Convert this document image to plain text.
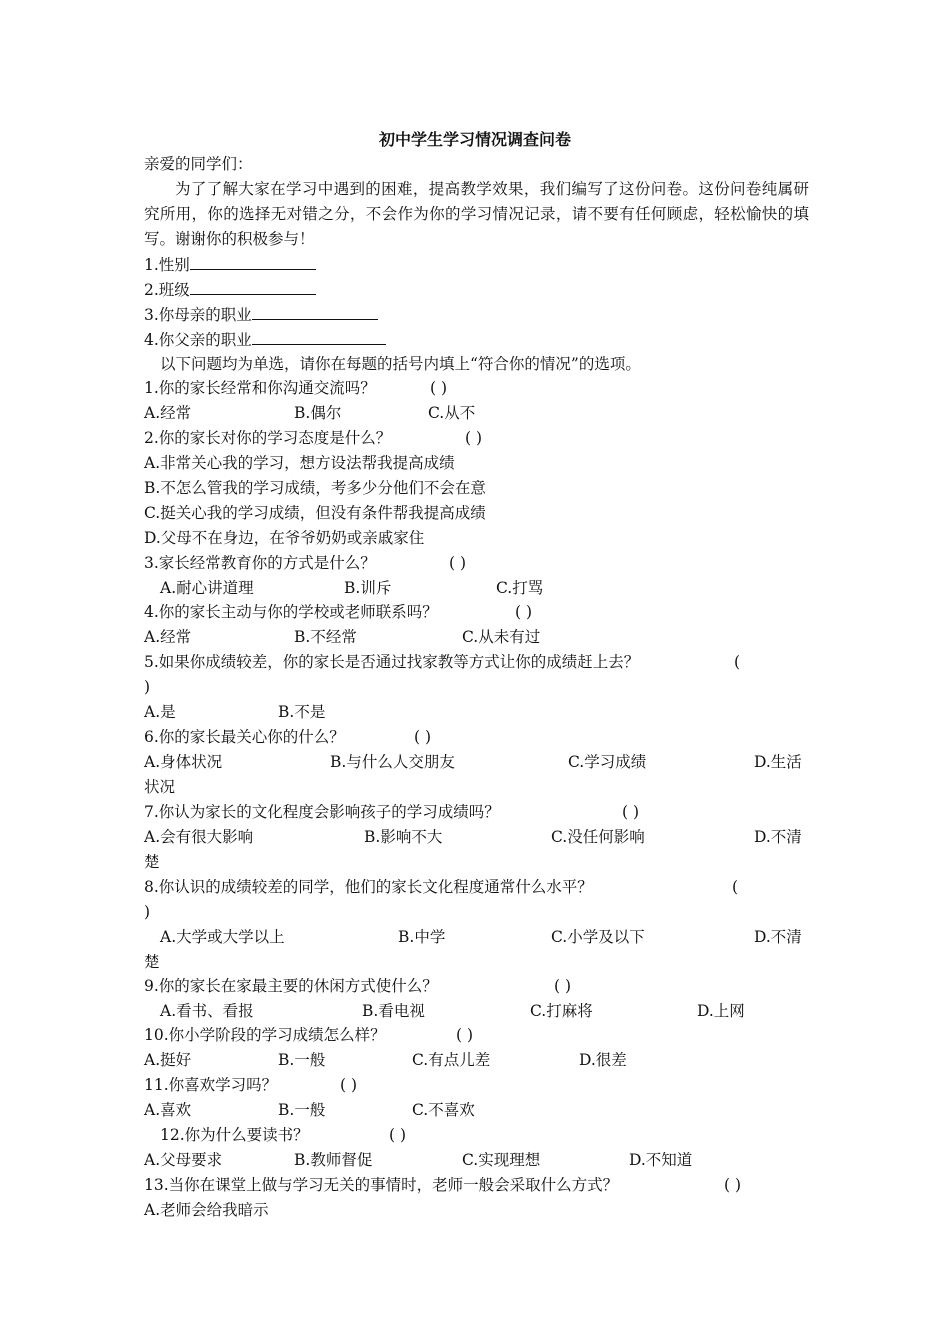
初中学生学习情况调查问卷
亲爱的同学们：
为了了解大家在学习中遇到的困难，提高教学效果，我们编写了这份问卷。这份问卷纯属研究所用，你的选择无对错之分，不会作为你的学习情况记录，请不要有任何顾虑，轻松愉快的填写。谢谢你的积极参与！
1.性别
2.班级
3.你母亲的职业
4.你父亲的职业
以下问题均为单选，请你在每题的括号内填上“符合你的情况”的选项。
1.你的家长经常和你沟通交流吗？	( )
A.经常	B.偶尔	C.从不
2.你的家长对你的学习态度是什么？	( )
A.非常关心我的学习，想方设法帮我提高成绩
B.不怎么管我的学习成绩，考多少分他们不会在意
C.挺关心我的学习成绩，但没有条件帮我提高成绩
D.父母不在身边，在爷爷奶奶或亲戚家住
3.家长经常教育你的方式是什么？	( )
A.耐心讲道理	B.训斥	C.打骂
4.你的家长主动与你的学校或老师联系吗？	( )
A.经常	B.不经常	C.从未有过
5.如果你成绩较差，你的家长是否通过找家教等方式让你的成绩赶上去？	(
)
A.是	B.不是
6.你的家长最关心你的什么？	( )
A.身体状况	B.与什么人交朋友	C.学习成绩	D.生活
状况
7.你认为家长的文化程度会影响孩子的学习成绩吗？	( )
A.会有很大影响	B.影响不大	C.没任何影响	D.不清
楚
8.你认识的成绩较差的同学，他们的家长文化程度通常什么水平？	(
)
A.大学或大学以上	B.中学	C.小学及以下	D.不清
楚
9.你的家长在家最主要的休闲方式使什么？	( )
A.看书、看报	B.看电视	C.打麻将	D.上网
10.你小学阶段的学习成绩怎么样？	( )
A.挺好	B.一般	C.有点儿差	D.很差
11.你喜欢学习吗？	( )
A.喜欢	B.一般	C.不喜欢
12.你为什么要读书？	( )
A.父母要求	B.教师督促	C.实现理想	D.不知道
13.当你在课堂上做与学习无关的事情时，老师一般会采取什么方式？	( )
A.老师会给我暗示
